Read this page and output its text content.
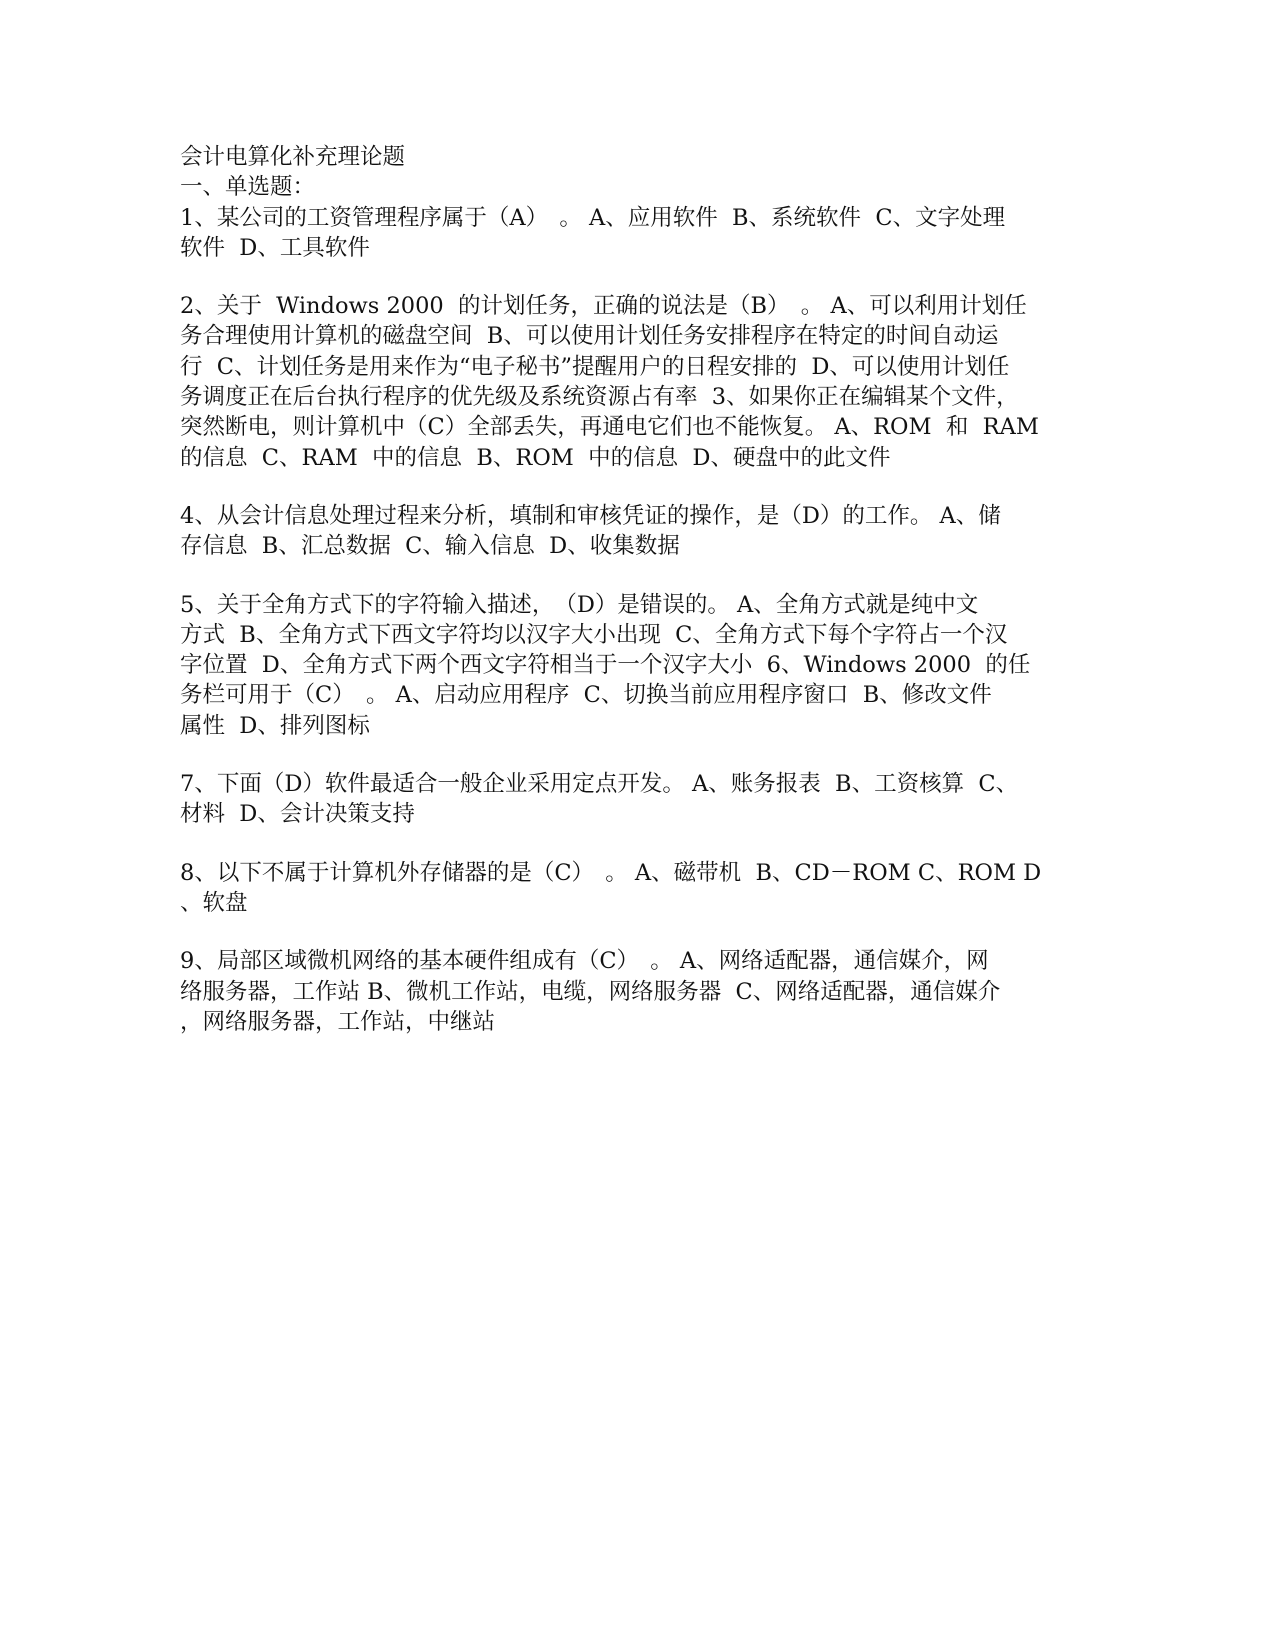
会计电算化补充理论题
一、单选题：
1、某公司的工资管理程序属于（A）　。 A、应用软件  B、系统软件  C、文字处理
软件  D、工具软件
2、关于  Windows 2000  的计划任务，正确的说法是（B）　。 A、可以利用计划任
务合理使用计算机的磁盘空间  B、可以使用计划任务安排程序在特定的时间自动运
行  C、计划任务是用来作为“电子秘书”提醒用户的日程安排的  D、可以使用计划任
务调度正在后台执行程序的优先级及系统资源占有率  3、如果你正在编辑某个文件，
突然断电，则计算机中（C）全部丢失，再通电它们也不能恢复。 A、ROM  和  RAM
的信息  C、RAM  中的信息  B、ROM  中的信息  D、硬盘中的此文件
4、从会计信息处理过程来分析，填制和审核凭证的操作，是（D）的工作。 A、储
存信息  B、汇总数据  C、输入信息  D、收集数据
5、关于全角方式下的字符输入描述，　（D）是错误的。 A、全角方式就是纯中文
方式  B、全角方式下西文字符均以汉字大小出现  C、全角方式下每个字符占一个汉
字位置  D、全角方式下两个西文字符相当于一个汉字大小  6、Windows 2000  的任
务栏可用于（C）　。 A、启动应用程序  C、切换当前应用程序窗口  B、修改文件
属性  D、排列图标
7、下面（D）软件最适合一般企业采用定点开发。 A、账务报表  B、工资核算  C、
材料  D、会计决策支持
8、以下不属于计算机外存储器的是（C）　。 A、磁带机  B、CD－ROM C、ROM D
、软盘
9、局部区域微机网络的基本硬件组成有（C）　。 A、网络适配器，通信媒介，网
络服务器，工作站 B、微机工作站，电缆，网络服务器  C、网络适配器，通信媒介
，网络服务器，工作站，中继站
